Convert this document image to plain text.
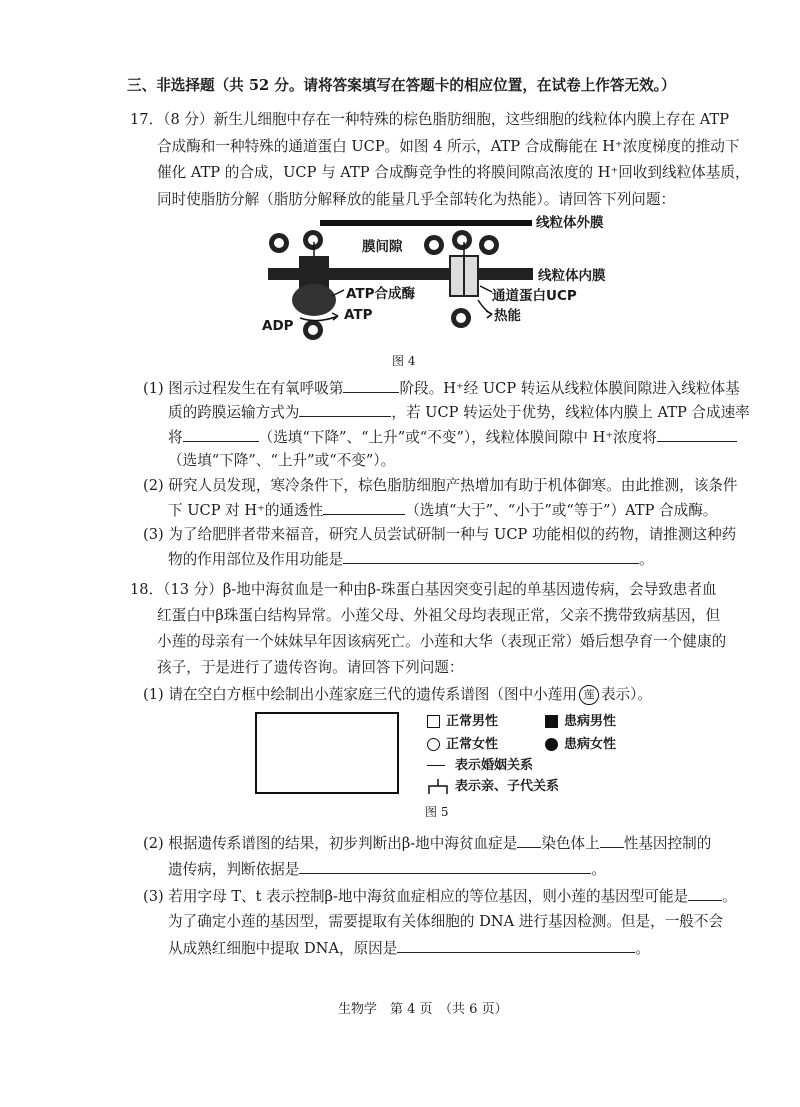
三、非选择题（共 52 分。请将答案填写在答题卡的相应位置，在试卷上作答无效。）
17．（8 分）新生儿细胞中存在一种特殊的棕色脂肪细胞，这些细胞的线粒体内膜上存在 ATP
合成酶和一种特殊的通道蛋白 UCP。如图 4 所示，ATP 合成酶能在 H⁺浓度梯度的推动下
催化 ATP 的合成，UCP 与 ATP 合成酶竞争性的将膜间隙高浓度的 H⁺回收到线粒体基质，
同时使脂肪分解（脂肪分解释放的能量几乎全部转化为热能）。请回答下列问题：
线粒体外膜
线粒体内膜
膜间隙
ATP合成酶	通道蛋白UCP
ADP
ATP	热能
图 4
(1) 图示过程发生在有氧呼吸第	阶段。H⁺经 UCP 转运从线粒体膜间隙进入线粒体基
质的跨膜运输方式为	，若 UCP 转运处于优势，线粒体内膜上 ATP 合成速率
将	（选填“下降”、“上升”或“不变”），线粒体膜间隙中 H⁺浓度将
（选填“下降”、“上升”或“不变”）。
(2) 研究人员发现，寒冷条件下，棕色脂肪细胞产热增加有助于机体御寒。由此推测，该条件
下 UCP 对 H⁺的通透性	（选填“大于”、“小于”或“等于”）ATP 合成酶。
(3) 为了给肥胖者带来福音，研究人员尝试研制一种与 UCP 功能相似的药物，请推测这种药
物的作用部位及作用功能是	。
18．（13 分）β-地中海贫血是一种由β-珠蛋白基因突变引起的单基因遗传病，会导致患者血
红蛋白中β珠蛋白结构异常。小莲父母、外祖父母均表现正常，父亲不携带致病基因，但
小莲的母亲有一个妹妹早年因该病死亡。小莲和大华（表现正常）婚后想孕育一个健康的
孩子，于是进行了遗传咨询。请回答下列问题：
(1) 请在空白方框中绘制出小莲家庭三代的遗传系谱图（图中小莲用 莲 表示）。
正常男性	患病男性
正常女性	患病女性
表示婚姻关系
表示亲、子代关系
图 5
(2) 根据遗传系谱图的结果，初步判断出β-地中海贫血症是 染色体上 性基因控制的
遗传病，判断依据是	。
(3) 若用字母 T、t 表示控制β-地中海贫血症相应的等位基因，则小莲的基因型可能是 。
为了确定小莲的基因型，需要提取有关体细胞的 DNA 进行基因检测。但是，一般不会
从成熟红细胞中提取 DNA，原因是	。
生物学　第 4 页　（共 6 页）
